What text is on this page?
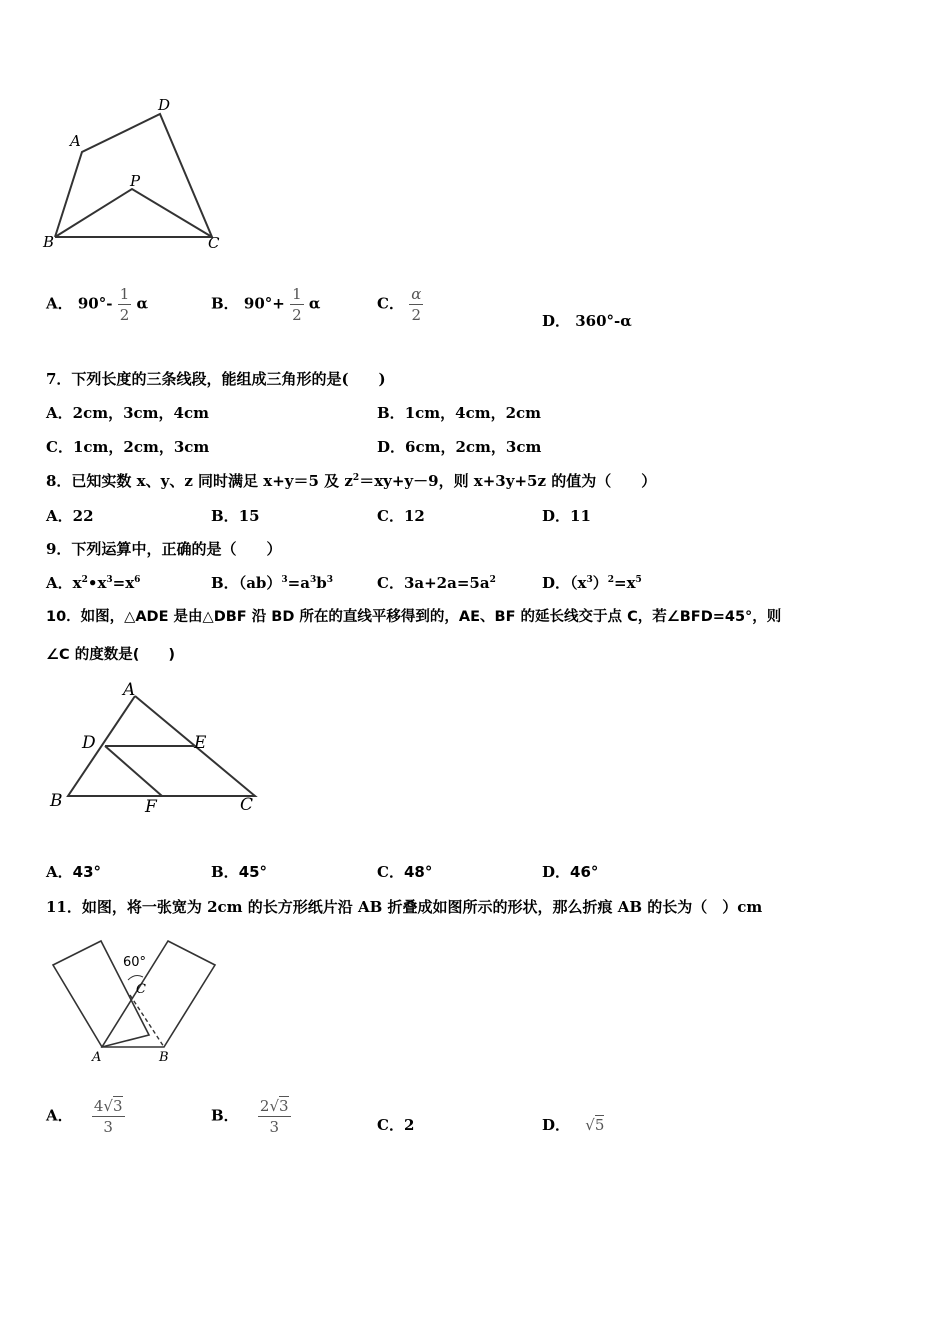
A
D
P
B	C
A． $90^\circ- \frac{1}{2}$ α	B． $90^\circ+ \frac{1}{2}$ α	C． $\frac{\alpha}{2}$	D． 360°-α
7．下列长度的三条线段，能组成三角形的是(　　)
A．2cm，3cm，4cm	B．1cm，4cm，2cm
C．1cm，2cm，3cm	D．6cm，2cm，3cm
8．已知实数 x、y、z 同时满足 x+y＝5 及 $z^2=xy+y-9$，则 x+3y+5z 的值为（　　）
A．22	B．15	C．12	D．11
9．下列运算中，正确的是（　　）
A．$x^2•x^3=x^6$	B．$(ab)^3=a^3b^3$	C．$3a+2a=5a^2$	D．$(x^3)^2=x^5$
10．如图，△ADE 是由△DBF 沿 BD 所在的直线平移得到的，AE、BF 的延长线交于点 C，若∠BFD=45°，则
∠C 的度数是(　　)
A
D	E
B	F	C
A．43°	B．45°	C．48°	D．46°
11．如图，将一张宽为 2cm 的长方形纸片沿 AB 折叠成如图所示的形状，那么折痕 AB 的长为（　）cm
60°
C
A	B
A． $\frac{4√3}{3}$	B． $\frac{2√3}{3}$	C．2	D． √5
